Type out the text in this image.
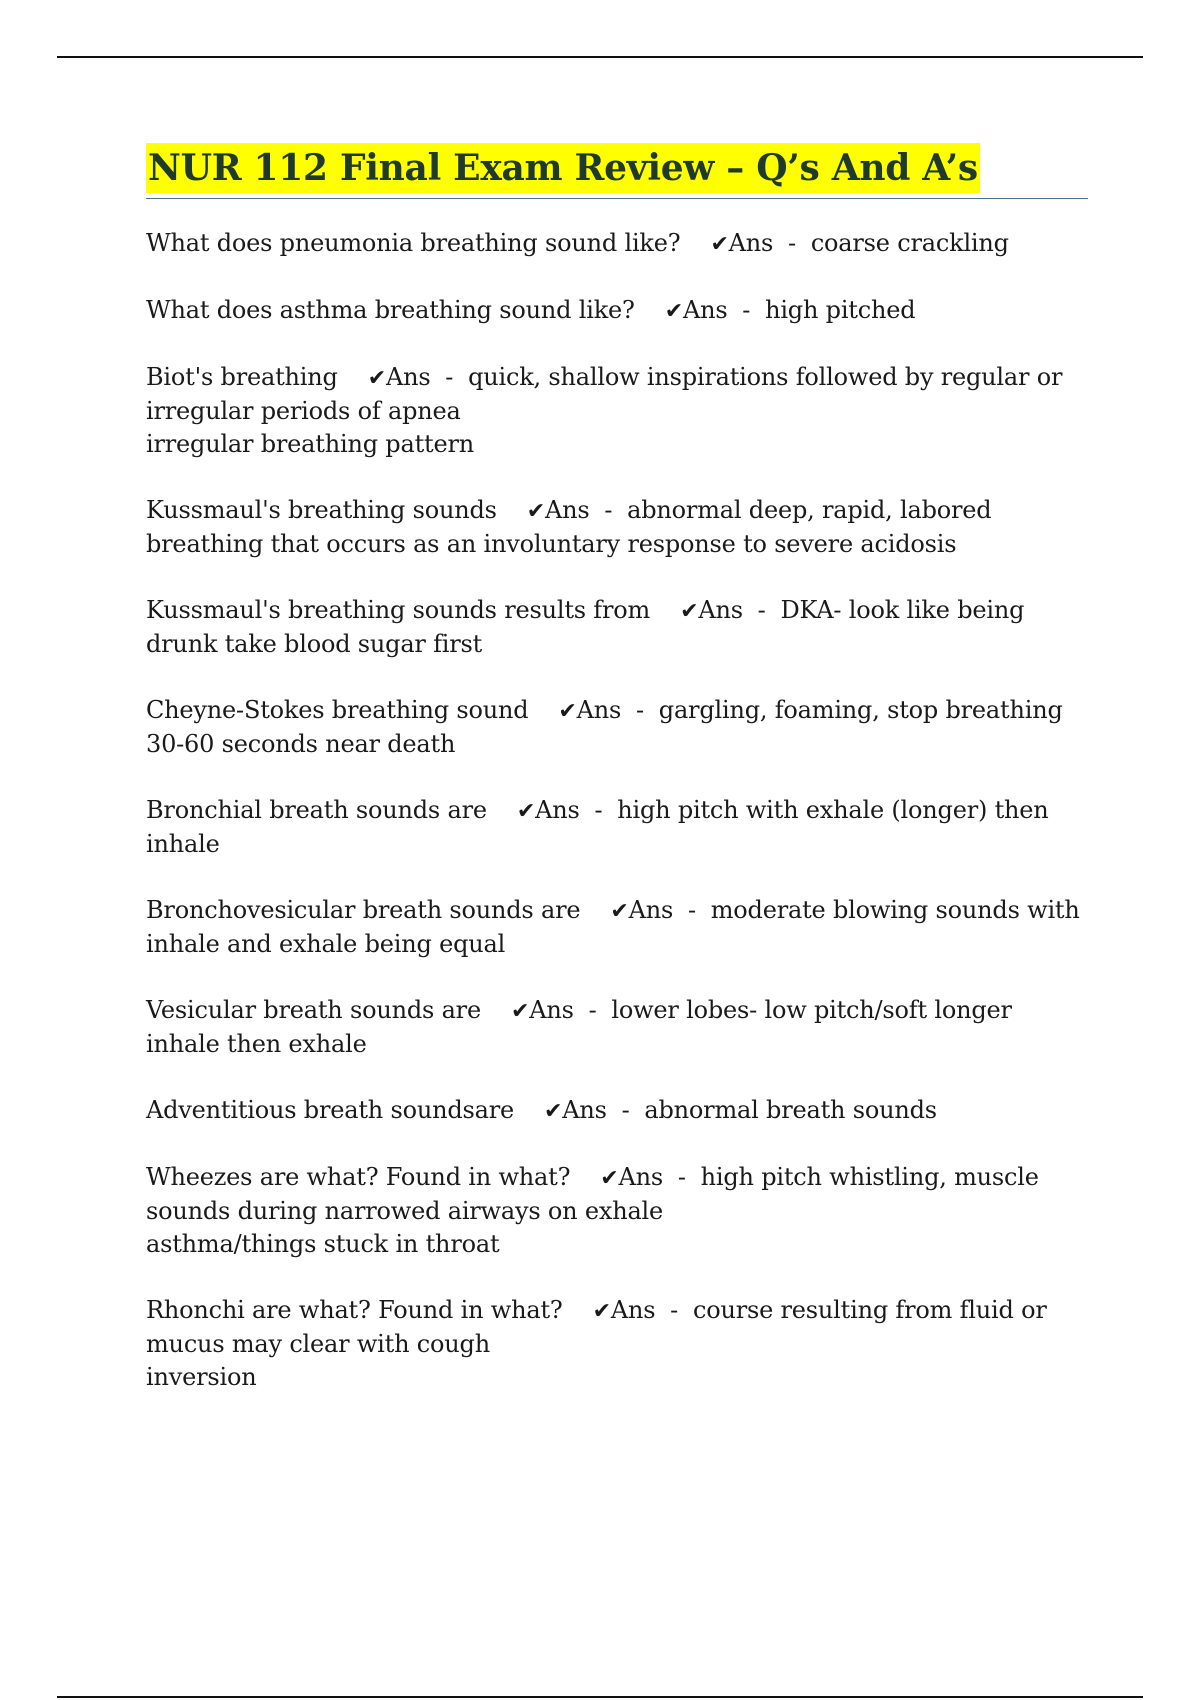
NUR 112 Final Exam Review – Q’s And A’s

What does pneumonia breathing sound like? ✔Ans  -  coarse crackling

What does asthma breathing sound like? ✔Ans  -  high pitched

Biot's breathing ✔Ans  -  quick, shallow inspirations followed by regular or irregular periods of apnea
irregular breathing pattern

Kussmaul's breathing sounds ✔Ans  -  abnormal deep, rapid, labored breathing that occurs as an involuntary response to severe acidosis

Kussmaul's breathing sounds results from ✔Ans  -  DKA- look like being drunk take blood sugar first

Cheyne-Stokes breathing sound ✔Ans  -  gargling, foaming, stop breathing 30-60 seconds near death

Bronchial breath sounds are ✔Ans  -  high pitch with exhale (longer) then inhale

Bronchovesicular breath sounds are ✔Ans  -  moderate blowing sounds with inhale and exhale being equal

Vesicular breath sounds are ✔Ans  -  lower lobes- low pitch/soft longer inhale then exhale

Adventitious breath soundsare ✔Ans  -  abnormal breath sounds

Wheezes are what? Found in what? ✔Ans  -  high pitch whistling, muscle sounds during narrowed airways on exhale
asthma/things stuck in throat

Rhonchi are what? Found in what? ✔Ans  -  course resulting from fluid or mucus may clear with cough
inversion
